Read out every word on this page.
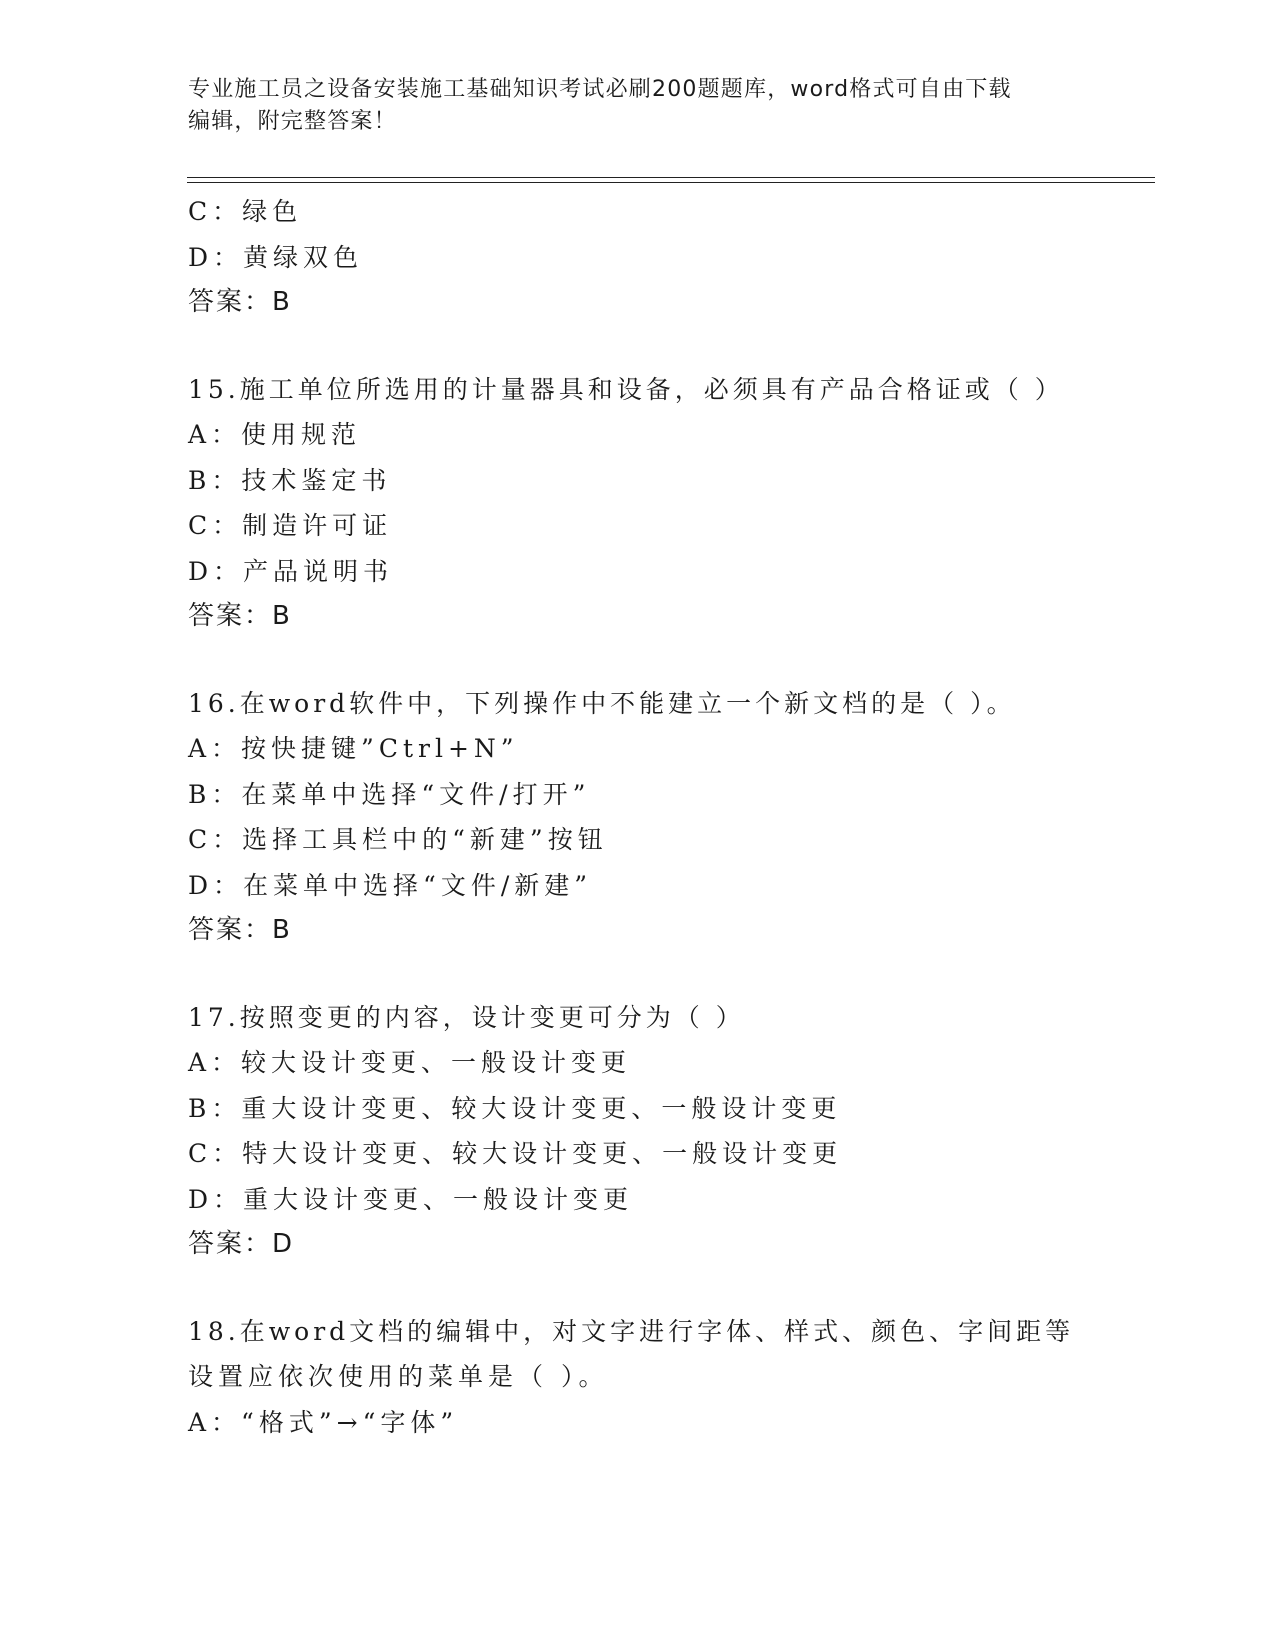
专业施工员之设备安装施工基础知识考试必刷200题题库，word格式可自由下载
编辑，附完整答案！
C：绿色
D：黄绿双色
答案：B
15.施工单位所选用的计量器具和设备，必须具有产品合格证或（ ）
A：使用规范
B：技术鉴定书
C：制造许可证
D：产品说明书
答案：B
16.在word软件中，下列操作中不能建立一个新文档的是（ ）。
A：按快捷键”Ctrl+N”
B：在菜单中选择“文件/打开”
C：选择工具栏中的“新建”按钮
D：在菜单中选择“文件/新建”
答案：B
17.按照变更的内容，设计变更可分为（ ）
A：较大设计变更、一般设计变更
B：重大设计变更、较大设计变更、一般设计变更
C：特大设计变更、较大设计变更、一般设计变更
D：重大设计变更、一般设计变更
答案：D
18.在word文档的编辑中，对文字进行字体、样式、颜色、字间距等
设置应依次使用的菜单是（ ）。
A：“格式”→“字体”
